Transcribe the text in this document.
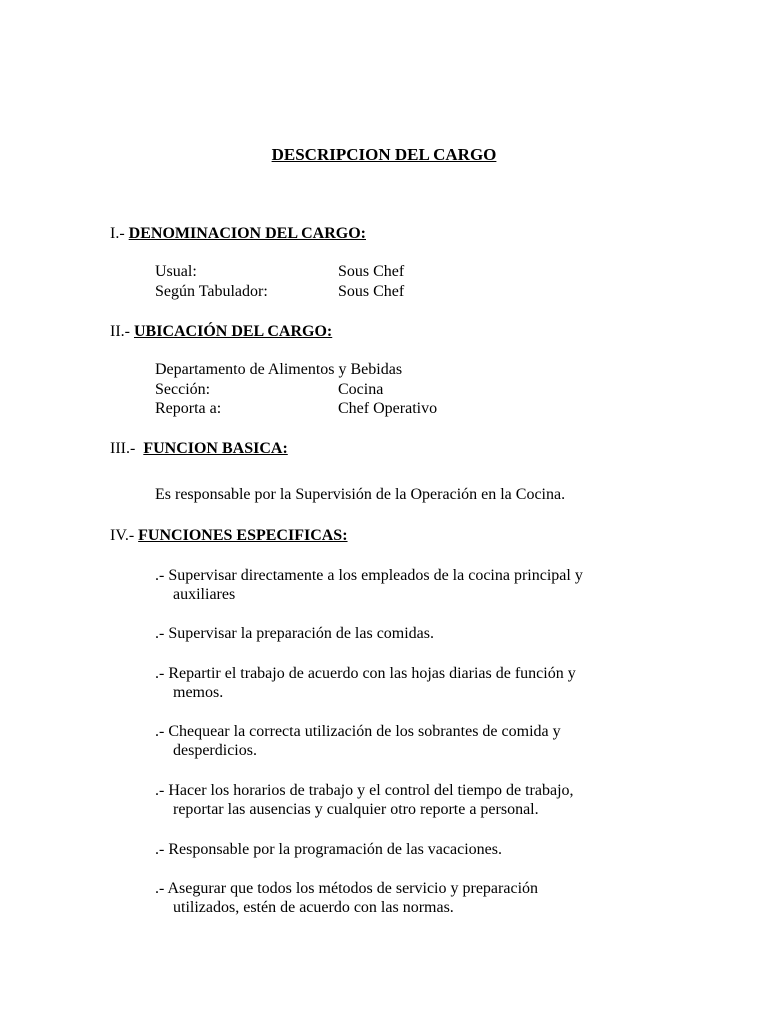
DESCRIPCION DEL CARGO
I.- DENOMINACION DEL CARGO:
Usual:	Sous Chef
Según Tabulador:	Sous Chef
II.- UBICACIÓN DEL CARGO:
Departamento de Alimentos y Bebidas
Sección:	Cocina
Reporta a:	Chef Operativo
III.-  FUNCION BASICA:
Es responsable por la Supervisión de la Operación en la Cocina.
IV.- FUNCIONES ESPECIFICAS:
.- Supervisar directamente a los empleados de la cocina principal y
auxiliares
.- Supervisar la preparación de las comidas.
.- Repartir el trabajo de acuerdo con las hojas diarias de función y
memos.
.- Chequear la correcta utilización de los sobrantes de comida y
desperdicios.
.- Hacer los horarios de trabajo y el control del tiempo de trabajo,
reportar las ausencias y cualquier otro reporte a personal.
.- Responsable por la programación de las vacaciones.
.- Asegurar que todos los métodos de servicio y preparación
utilizados, estén de acuerdo con las normas.
